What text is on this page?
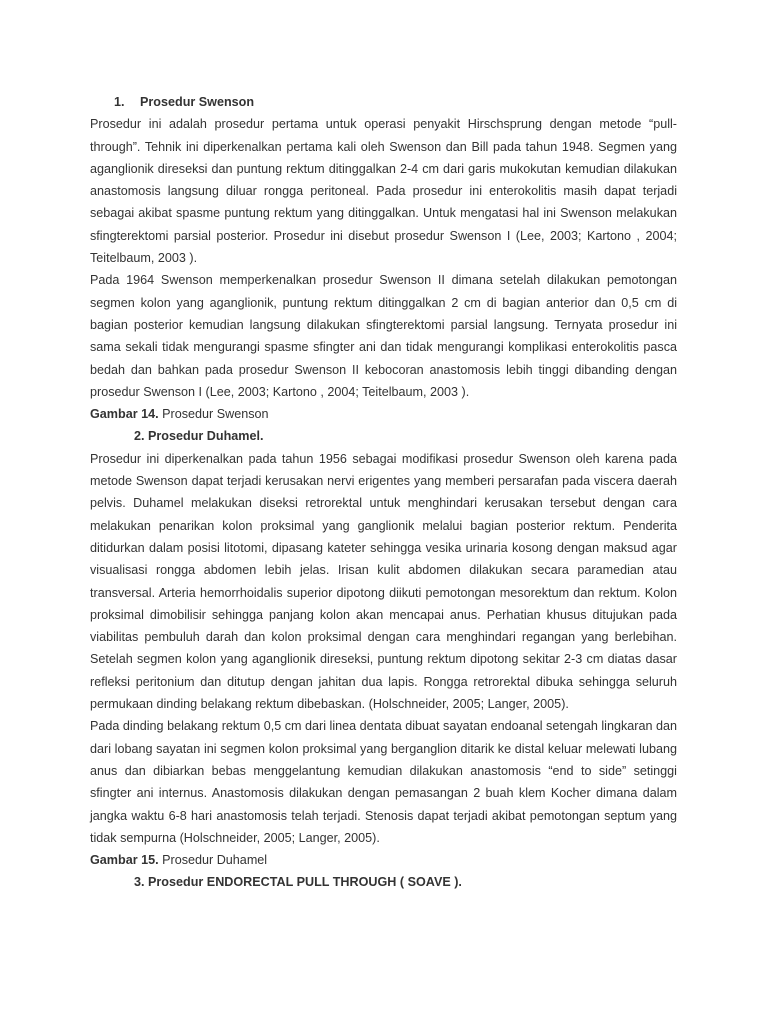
1. Prosedur Swenson

Prosedur ini adalah prosedur pertama untuk operasi penyakit Hirschsprung dengan metode “pull-through”. Tehnik ini diperkenalkan pertama kali oleh Swenson dan Bill pada tahun 1948. Segmen yang aganglionik direseksi dan puntung rektum ditinggalkan 2-4 cm dari garis mukokutan kemudian dilakukan anastomosis langsung diluar rongga peritoneal. Pada prosedur ini enterokolitis masih dapat terjadi sebagai akibat spasme puntung rektum yang ditinggalkan. Untuk mengatasi hal ini Swenson melakukan sfingterektomi parsial posterior. Prosedur ini disebut prosedur Swenson I (Lee, 2003; Kartono , 2004; Teitelbaum, 2003 ).

Pada 1964 Swenson memperkenalkan prosedur Swenson II dimana setelah dilakukan pemotongan segmen kolon yang aganglionik, puntung rektum ditinggalkan 2 cm di bagian anterior dan 0,5 cm di bagian posterior kemudian langsung dilakukan sfingterektomi parsial langsung. Ternyata prosedur ini sama sekali tidak mengurangi spasme sfingter ani dan tidak mengurangi komplikasi enterokolitis pasca bedah dan bahkan pada prosedur Swenson II kebocoran anastomosis lebih tinggi dibanding dengan prosedur Swenson I (Lee, 2003; Kartono , 2004; Teitelbaum, 2003 ).

Gambar 14. Prosedur Swenson
2. Prosedur Duhamel.

Prosedur ini diperkenalkan pada tahun 1956 sebagai modifikasi prosedur Swenson oleh karena pada metode Swenson dapat terjadi kerusakan nervi erigentes yang memberi persarafan pada viscera daerah pelvis. Duhamel melakukan diseksi retrorektal untuk menghindari kerusakan tersebut dengan cara melakukan penarikan kolon proksimal yang ganglionik melalui bagian posterior rektum. Penderita ditidurkan dalam posisi litotomi, dipasang kateter sehingga vesika urinaria kosong dengan maksud agar visualisasi rongga abdomen lebih jelas. Irisan kulit abdomen dilakukan secara paramedian atau transversal. Arteria hemorrhoidalis superior dipotong diikuti pemotongan mesorektum dan rektum. Kolon proksimal dimobilisir sehingga panjang kolon akan mencapai anus. Perhatian khusus ditujukan pada viabilitas pembuluh darah dan kolon proksimal dengan cara menghindari regangan yang berlebihan. Setelah segmen kolon yang aganglionik direseksi, puntung rektum dipotong sekitar 2-3 cm diatas dasar refleksi peritonium dan ditutup dengan jahitan dua lapis. Rongga retrorektal dibuka sehingga seluruh permukaan dinding belakang rektum dibebaskan. (Holschneider, 2005; Langer, 2005).

Pada dinding belakang rektum 0,5 cm dari linea dentata dibuat sayatan endoanal setengah lingkaran dan dari lobang sayatan ini segmen kolon proksimal yang berganglion ditarik ke distal keluar melewati lubang anus dan dibiarkan bebas menggelantung kemudian dilakukan anastomosis “end to side” setinggi sfingter ani internus. Anastomosis dilakukan dengan pemasangan 2 buah klem Kocher dimana dalam jangka waktu 6-8 hari anastomosis telah terjadi. Stenosis dapat terjadi akibat pemotongan septum yang tidak sempurna (Holschneider, 2005; Langer, 2005).

Gambar 15. Prosedur Duhamel
3. Prosedur ENDORECTAL PULL THROUGH ( SOAVE ).
